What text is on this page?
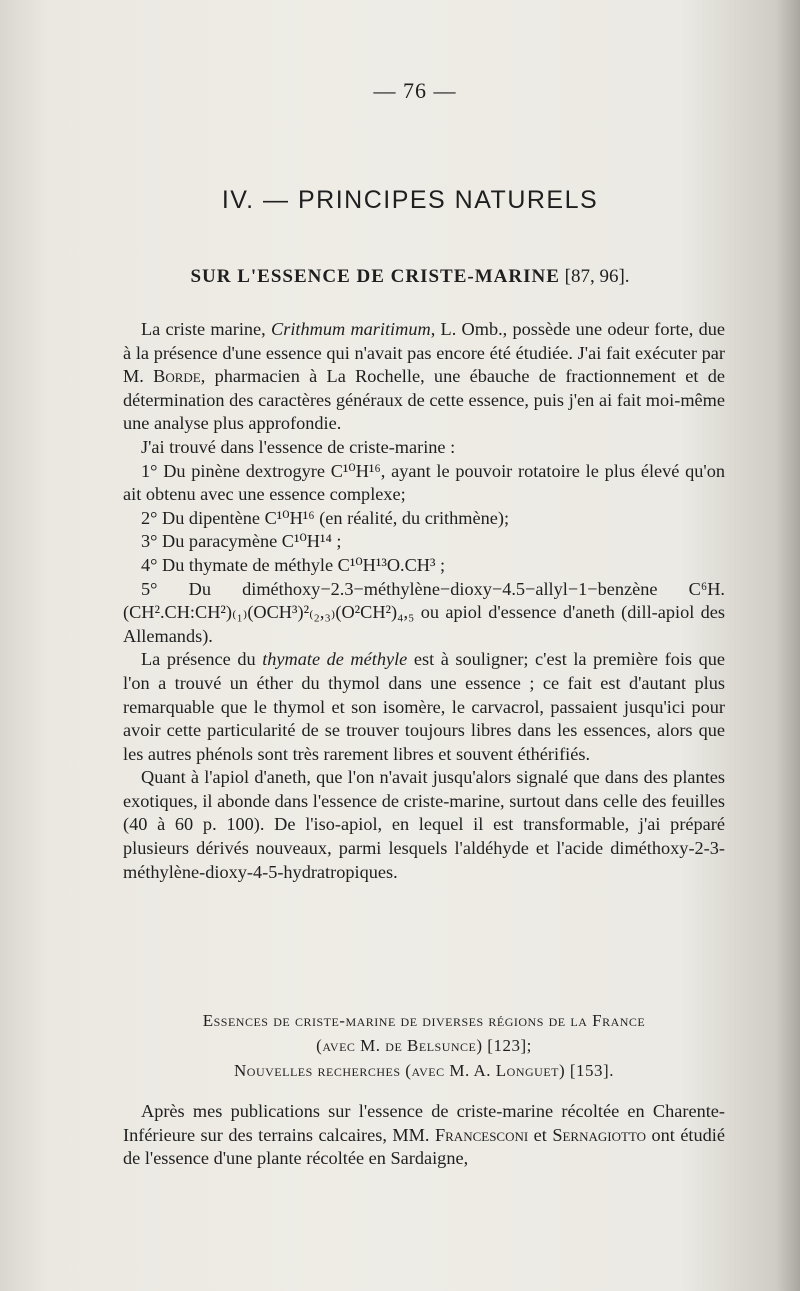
— 76 —
IV. — PRINCIPES NATURELS
SUR L'ESSENCE DE CRISTE-MARINE [87, 96].

La criste marine, Crithmum maritimum, L. Omb., possède une odeur forte, due à la présence d'une essence qui n'avait pas encore été étudiée. J'ai fait exécuter par M. Borde, pharmacien à La Rochelle, une ébauche de fractionnement et de détermination des caractères généraux de cette essence, puis j'en ai fait moi-même une analyse plus approfondie.

J'ai trouvé dans l'essence de criste-marine :

1° Du pinène dextrogyre C¹⁰H¹⁶, ayant le pouvoir rotatoire le plus élevé qu'on ait obtenu avec une essence complexe;

2° Du dipentène C¹⁰H¹⁶ (en réalité, du crithmène);

3° Du paracymène C¹⁰H¹⁴ ;

4° Du thymate de méthyle C¹⁰H¹³O.CH³ ;

5° Du diméthoxy−2.3−méthylène−dioxy−4.5−allyl−1−benzène C⁶H.(CH².CH:CH²)₍₁₎(OCH³)²₍₂,₃₎(O²CH²)₄,₅ ou apiol d'essence d'aneth (dill-apiol des Allemands).

La présence du thymate de méthyle est à souligner; c'est la première fois que l'on a trouvé un éther du thymol dans une essence ; ce fait est d'autant plus remarquable que le thymol et son isomère, le carvacrol, passaient jusqu'ici pour avoir cette particularité de se trouver toujours libres dans les essences, alors que les autres phénols sont très rarement libres et souvent éthérifiés.

Quant à l'apiol d'aneth, que l'on n'avait jusqu'alors signalé que dans des plantes exotiques, il abonde dans l'essence de criste-marine, surtout dans celle des feuilles (40 à 60 p. 100). De l'iso-apiol, en lequel il est transformable, j'ai préparé plusieurs dérivés nouveaux, parmi lesquels l'aldéhyde et l'acide diméthoxy-2-3-méthylène-dioxy-4-5-hydratropiques.

Essences de criste-marine de diverses régions de la France
(avec M. de Belsunce) [123];
Nouvelles recherches (avec M. A. Longuet) [153].

Après mes publications sur l'essence de criste-marine récoltée en Charente-Inférieure sur des terrains calcaires, MM. Francesconi et Sernagiotto ont étudié de l'essence d'une plante récoltée en Sardaigne,
